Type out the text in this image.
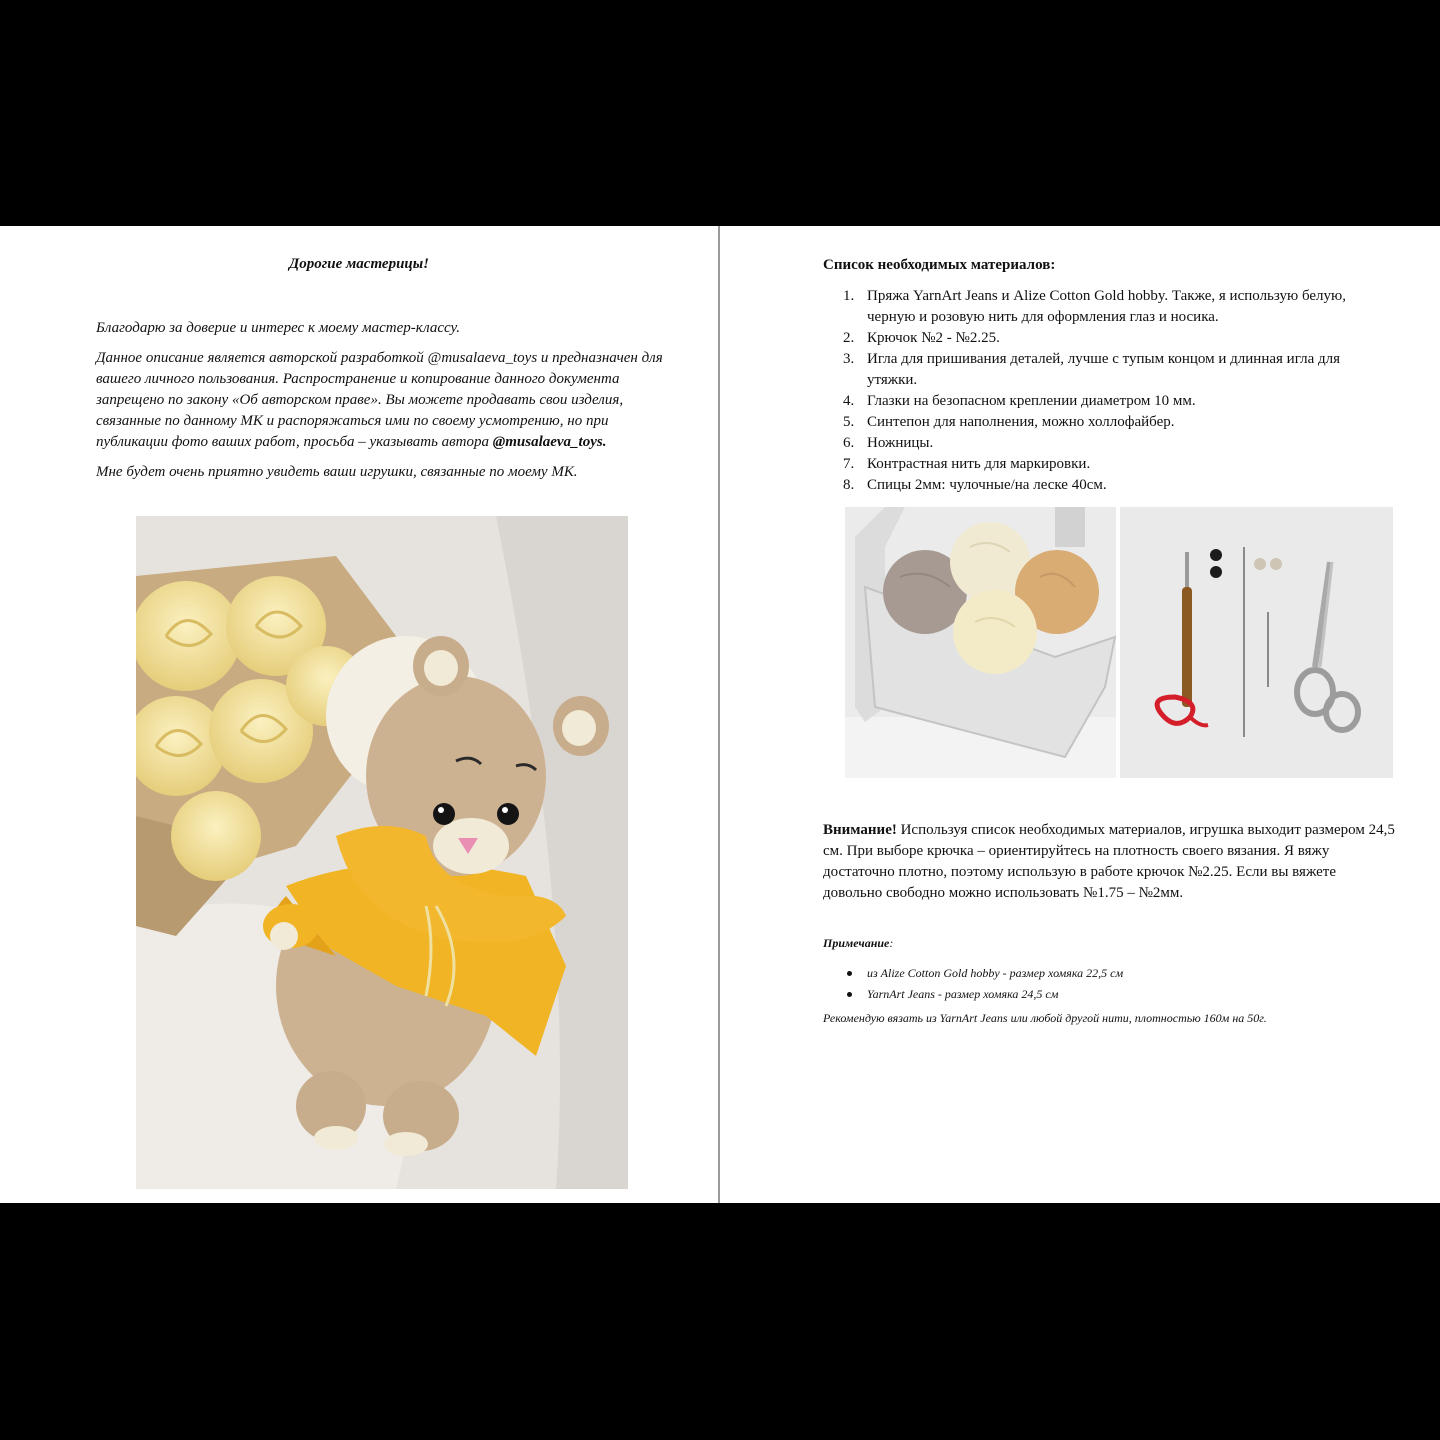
Дорогие мастерицы!

Благодарю за доверие и интерес к моему мастер-классу.

Данное описание является авторской разработкой @musalaeva_toys и предназначен для вашего личного пользования. Распространение и копирование данного документа запрещено по закону «Об авторском праве». Вы можете продавать свои изделия, связанные по данному МК и распоряжаться ими по своему усмотрению, но при публикации фото ваших работ, просьба – указывать автора @musalaeva_toys.

Мне будет очень приятно увидеть ваши игрушки, связанные по моему МК.

Список необходимых материалов:
1. Пряжа YarnArt Jeans и Alize Cotton Gold hobby. Также, я использую белую, черную и розовую нить для оформления глаз и носика.
2. Крючок №2 - №2.25.
3. Игла для пришивания деталей, лучше с тупым концом и длинная игла для утяжки.
4. Глазки на безопасном креплении диаметром 10 мм.
5. Синтепон для наполнения, можно холлофайбер.
6. Ножницы.
7. Контрастная нить для маркировки.
8. Спицы 2мм: чулочные/на леске 40см.
Внимание! Используя список необходимых материалов, игрушка выходит размером 24,5 см. При выборе крючка – ориентируйтесь на плотность своего вязания. Я вяжу достаточно плотно, поэтому использую в работе крючок №2.25. Если вы вяжете довольно свободно можно использовать №1.75 – №2мм.
Примечание:
из Alize Cotton Gold hobby - размер хомяка 22,5 см
YarnArt Jeans - размер хомяка 24,5 см
Рекомендую вязать из YarnArt Jeans или любой другой нити, плотностью 160м на 50г.
